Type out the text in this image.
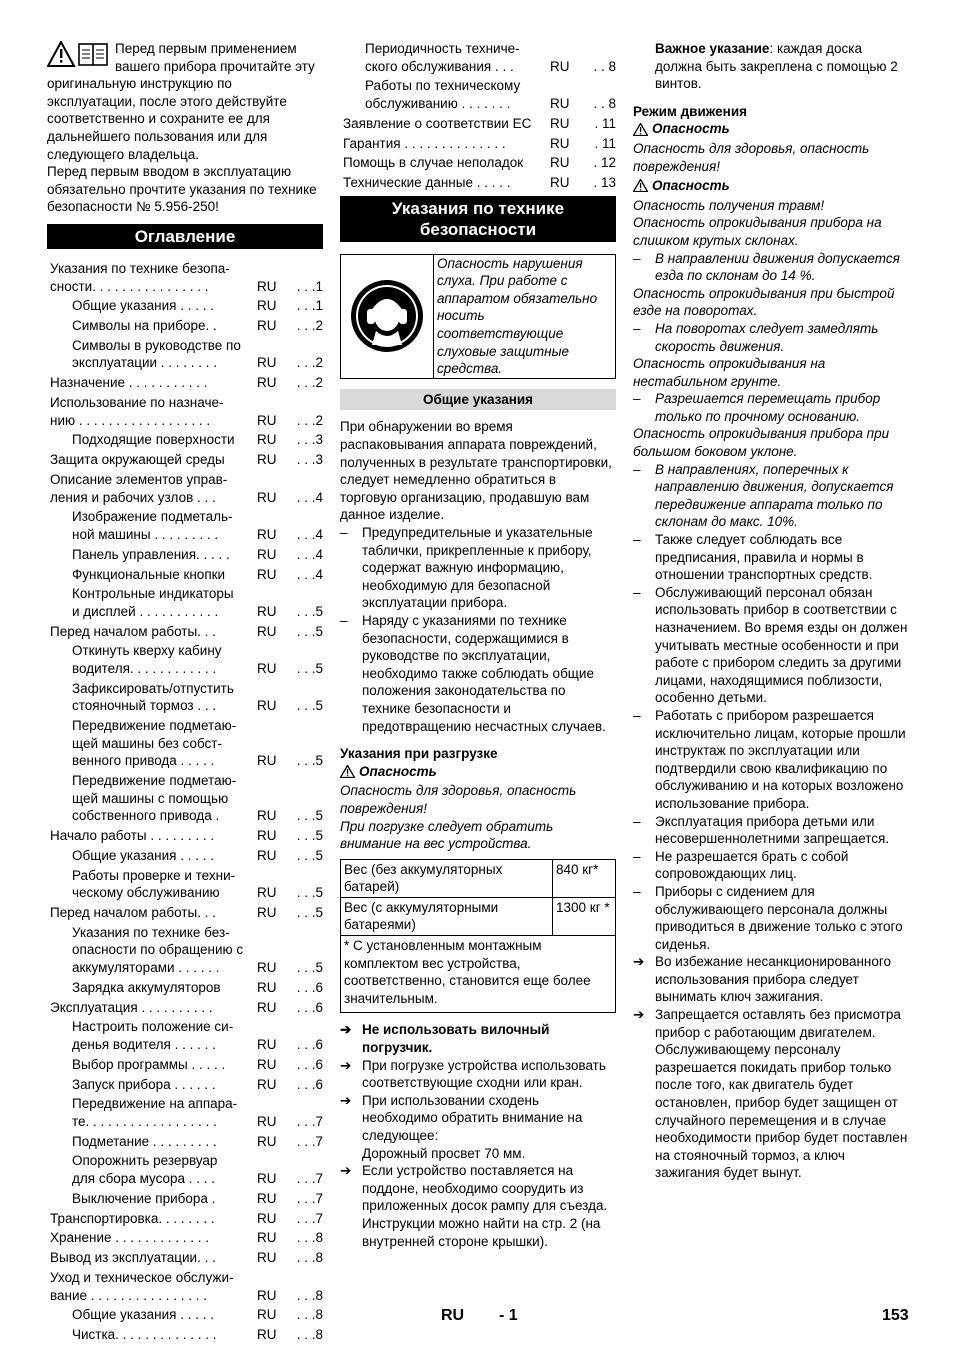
Перед первым применением вашего прибора прочитайте эту оригинальную инструкцию по эксплуатации, после этого действуйте соответственно и сохраните ее для дальнейшего пользования или для следующего владельца.

Перед первым вводом в эксплуатацию обязательно прочтите указания по технике безопасности № 5.956-250!

Оглавление
Указания по технике безопа-
сности. . . . . . . . . . . . . . . .	RU	. . .1
Общие указания . . . . .	RU	. . .1
Символы на приборе. .	RU	. . .2
Символы в руководстве по
эксплуатации . . . . . . . .	RU	. . .2
Назначение . . . . . . . . . . .	RU	. . .2
Использование по назначе-
нию . . . . . . . . . . . . . . . . . .	RU	. . .2
Подходящие поверхности	RU	. . .3
Защита окружающей среды	RU	. . .3
Описание элементов управ-
ления и рабочих узлов . . .	RU	. . .4
Изображение подметаль-
ной машины . . . . . . . . .	RU	. . .4
Панель управления. . . . .	RU	. . .4
Функциональные кнопки	RU	. . .4
Контрольные индикаторы
и дисплей . . . . . . . . . . .	RU	. . .5
Перед началом работы. . .	RU	. . .5
Откинуть кверху кабину
водителя. . . . . . . . . . . .	RU	. . .5
Зафиксировать/отпустить
стояночный тормоз . . .	RU	. . .5
Передвижение подметаю-
щей машины без собст-
венного привода . . . . .	RU	. . .5
Передвижение подметаю-
щей машины с помощью
собственного привода .	RU	. . .5
Начало работы . . . . . . . . .	RU	. . .5
Общие указания . . . . .	RU	. . .5
Работы проверке и техни-
ческому обслуживанию	RU	. . .5
Перед началом работы. . .	RU	. . .5
Указания по технике без-
опасности по обращению с
аккумуляторами . . . . . .	RU	. . .5
Зарядка аккумуляторов	RU	. . .6
Эксплуатация . . . . . . . . . .	RU	. . .6
Настроить положение си-
денья водителя . . . . . .	RU	. . .6
Выбор программы . . . . .	RU	. . .6
Запуск прибора . . . . . .	RU	. . .6
Передвижение на аппара-
те. . . . . . . . . . . . . . . . . .	RU	. . .7
Подметание . . . . . . . . .	RU	. . .7
Опорожнить резервуар
для сбора мусора . . . .	RU	. . .7
Выключение прибора .	RU	. . .7
Транспортировка. . . . . . . .	RU	. . .7
Хранение . . . . . . . . . . . . .	RU	. . .8
Вывод из эксплуатации. . .	RU	. . .8
Уход и техническое обслужи-
вание . . . . . . . . . . . . . . . .	RU	. . .8
Общие указания . . . . .	RU	. . .8
Чистка. . . . . . . . . . . . . .	RU	. . .8
Периодичность техниче-
ского обслуживания . . .	RU	. . 8
Работы по техническому
обслуживанию . . . . . . .	RU	. . 8
Заявление о соответствии ЕС	RU	. 11
Гарантия . . . . . . . . . . . . . .	RU	. 11
Помощь в случае неполадок	RU	. 12
Технические данные . . . . .	RU	. 13
Указания по технике безопасности
Опасность нарушения слуха. При работе с аппаратом обязательно носить соответствующие слуховые защитные средства.
Общие указания

При обнаружении во время распаковывания аппарата повреждений, полученных в результате транспортировки, следует немедленно обратиться в торговую организацию, продавшую вам данное изделие.

–	Предупредительные и указательные таблички, прикрепленные к прибору, содержат важную информацию, необходимую для безопасной эксплуатации прибора.
–	Наряду с указаниями по технике безопасности, содержащимися в руководстве по эксплуатации, необходимо также соблюдать общие положения законодательства по технике безопасности и предотвращению несчастных случаев.

Указания при разгрузке

Опасность

Опасность для здоровья, опасность повреждения!

При погрузке следует обратить внимание на вес устройства.

Вес (без аккумуляторных батарей)	840 кг*
Вес (с аккумуляторными батареями)	1300 кг *
* С установленным монтажным комплектом вес устройства, соответственно, становится еще более значительным.	
➔ Не использовать вилочный погрузчик.
➔ При погрузке устройства использовать соответствующие сходни или кран.
➔ При использовании сходень необходимо обратить внимание на следующее:

Дорожный просвет 70 мм.

➔ Если устройство поставляется на поддоне, необходимо соорудить из приложенных досок рампу для съезда.

Инструкции можно найти на стр. 2 (на внутренней стороне крышки).

Важное указание: каждая доска должна быть закреплена с помощью 2 винтов.

Режим движения

Опасность

Опасность для здоровья, опасность повреждения!

Опасность

Опасность получения травм!

Опасность опрокидывания прибора на слишком крутых склонах.

–	В направлении движения допускается езда по склонам до 14 %.

Опасность опрокидывания при быстрой езде на поворотах.

–	На поворотах следует замедлять скорость движения.

Опасность опрокидывания на нестабильном грунте.

–	Разрешается перемещать прибор только по прочному основанию.

Опасность опрокидывания прибора при большом боковом уклоне.

–	В направлениях, поперечных к направлению движения, допускается передвижение аппарата только по склонам до макс. 10%.
–	Также следует соблюдать все предписания, правила и нормы в отношении транспортных средств.
–	Обслуживающий персонал обязан использовать прибор в соответствии с назначением. Во время езды он должен учитывать местные особенности и при работе с прибором следить за другими лицами, находящимися поблизости, особенно детьми.
–	Работать с прибором разрешается исключительно лицам, которые прошли инструктаж по эксплуатации или подтвердили свою квалификацию по обслуживанию и на которых возложено использование прибора.
–	Эксплуатация прибора детьми или несовершеннолетними запрещается.
–	Не разрешается брать с собой сопровождающих лиц.
–	Приборы с сидением для обслуживающего персонала должны приводиться в движение только с этого сиденья.
➔ Во избежание несанкционированного использования прибора следует вынимать ключ зажигания.
➔ Запрещается оставлять без присмотра прибор с работающим двигателем. Обслуживающему персоналу разрешается покидать прибор только после того, как двигатель будет остановлен, прибор будет защищен от случайного перемещения и в случае необходимости прибор будет поставлен на стояночный тормоз, а ключ зажигания будет вынут.
RU - 1	153
